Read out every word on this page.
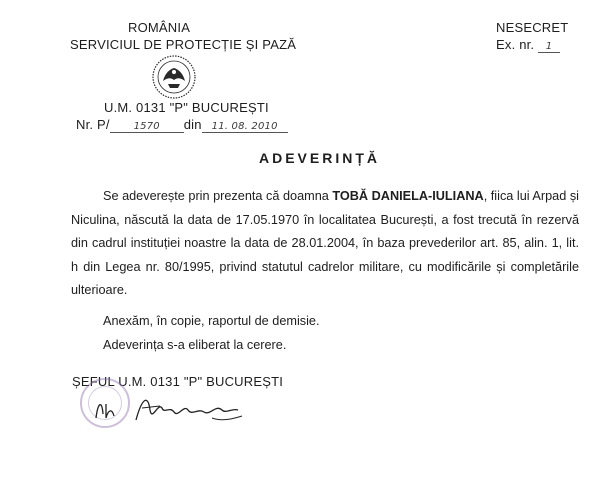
ROMÂNIA
SERVICIUL DE PROTECȚIE ȘI PAZĂ
U.M. 0131 "P" BUCUREȘTI
Nr. P/ 1570 din 11. 08. 2010
NESECRET
Ex. nr. 1
ADEVERINȚĂ

Se adeverește prin prezenta că doamna TOBĂ DANIELA-IULIANA, fiica lui Arpad și Niculina, născută la data de 17.05.1970 în localitatea București, a fost trecută în rezervă din cadrul instituției noastre la data de 28.01.2004, în baza prevederilor art. 85, alin. 1, lit. h din Legea nr. 80/1995, privind statutul cadrelor militare, cu modificările și completările ulterioare.

Anexăm, în copie, raportul de demisie.
Adeverința s-a eliberat la cerere.
ȘEFUL U.M. 0131 "P" BUCUREȘTI
